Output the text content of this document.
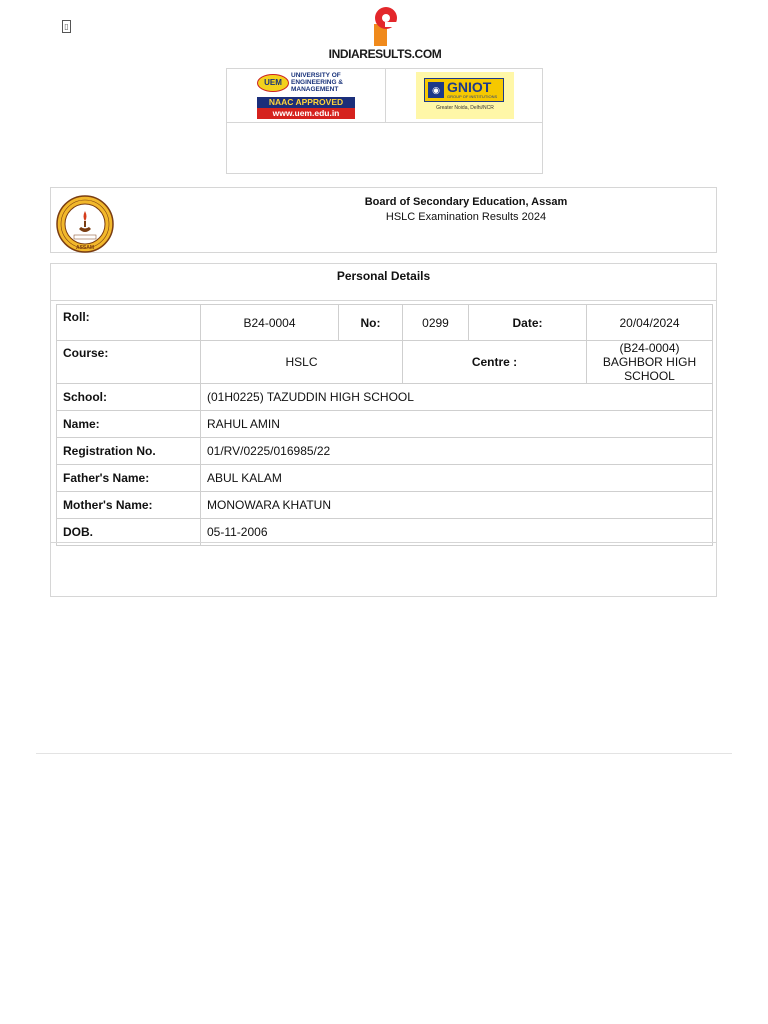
▯
INDIARESULTS.COM
UEM
UNIVERSITY OF ENGINEERING & MANAGEMENT
NAAC APPROVED
www.uem.edu.in
◉ GNIOT
GROUP OF INSTITUTIONS
Greater Noida, Delhi/NCR
ASSAM
Board of Secondary Education, Assam
HSLC Examination Results 2024
Personal Details
Roll:	B24-0004	No:	0299	Date:	20/04/2024
Course:	HSLC		Centre :		(B24-0004) BAGHBOR HIGH SCHOOL
School:	(01H0225) TAZUDDIN HIGH SCHOOL				
Name:	RAHUL AMIN				
Registration No.	01/RV/0225/016985/22				
Father's Name:	ABUL KALAM				
Mother's Name:	MONOWARA KHATUN				
DOB.	05-11-2006				
